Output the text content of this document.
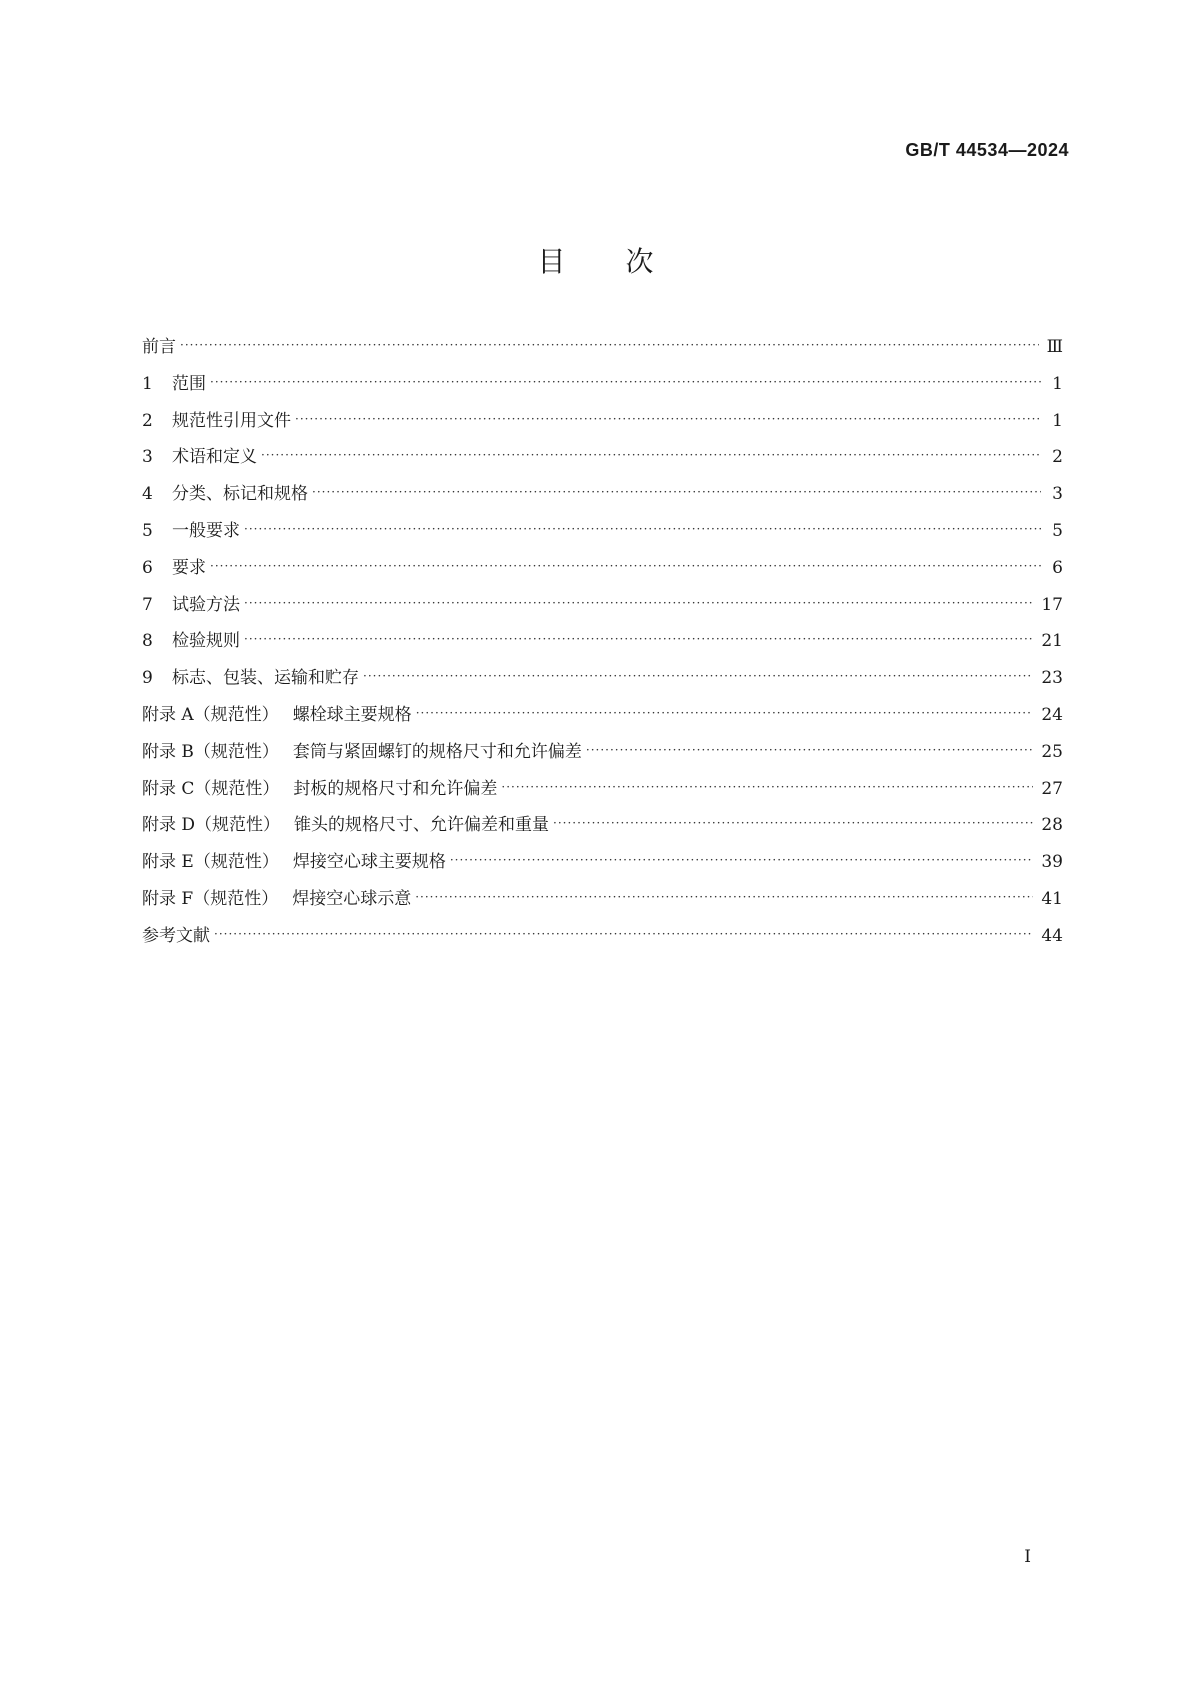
GB/T 44534—2024
目次
前言 ·····	Ⅲ
1 范围 ·····	1
2 规范性引用文件 ·····	1
3 术语和定义 ·····	2
4 分类、标记和规格 ·····	3
5 一般要求 ·····	5
6 要求 ·····	6
7 试验方法 ·····	17
8 检验规则 ·····	21
9 标志、包装、运输和贮存 ·····	23
附录 A（规范性） 螺栓球主要规格 ·····	24
附录 B（规范性） 套筒与紧固螺钉的规格尺寸和允许偏差 ·····	25
附录 C（规范性） 封板的规格尺寸和允许偏差 ·····	27
附录 D（规范性） 锥头的规格尺寸、允许偏差和重量 ·····	28
附录 E（规范性） 焊接空心球主要规格 ·····	39
附录 F（规范性） 焊接空心球示意 ·····	41
参考文献 ·····	44
I
